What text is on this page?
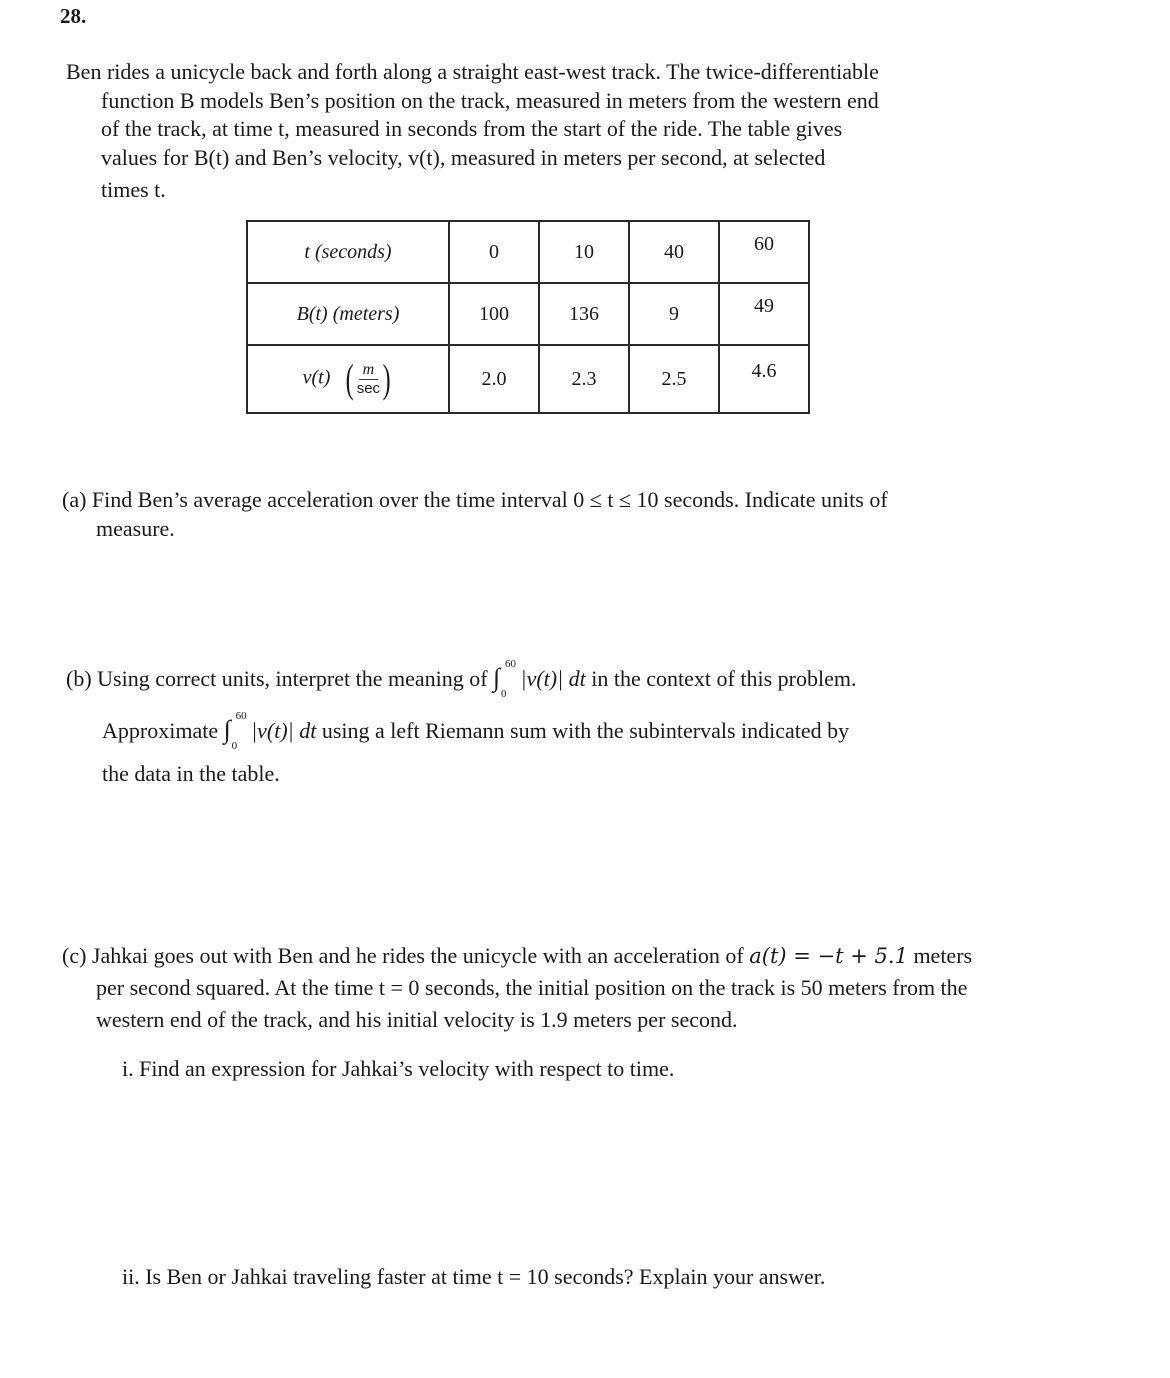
28.
Ben rides a unicycle back and forth along a straight east-west track. The twice-differentiable
function B models Ben’s position on the track, measured in meters from the western end
of the track, at time t, measured in seconds from the start of the ride. The table gives
values for B(t) and Ben’s velocity, v(t), measured in meters per second, at selected
times t.
t (seconds)	0	10	40	60
B(t) (meters)	100	136	9	49
v(t) ( m
sec )	2.0	2.3	2.5	4.6
(a) Find Ben’s average acceleration over the time interval 0 ≤ t ≤ 10 seconds. Indicate units of
measure.
(b) Using correct units, interpret the meaning of ∫ 60
0
|v(t)| dt in the context of this problem.
Approximate ∫ 60
0
|v(t)| dt using a left Riemann sum with the subintervals indicated by
the data in the table.
(c) Jahkai goes out with Ben and he rides the unicycle with an acceleration of a(t) = −t + 5.1 meters
per second squared. At the time t = 0 seconds, the initial position on the track is 50 meters from the
western end of the track, and his initial velocity is 1.9 meters per second.
i. Find an expression for Jahkai’s velocity with respect to time.
ii. Is Ben or Jahkai traveling faster at time t = 10 seconds? Explain your answer.
